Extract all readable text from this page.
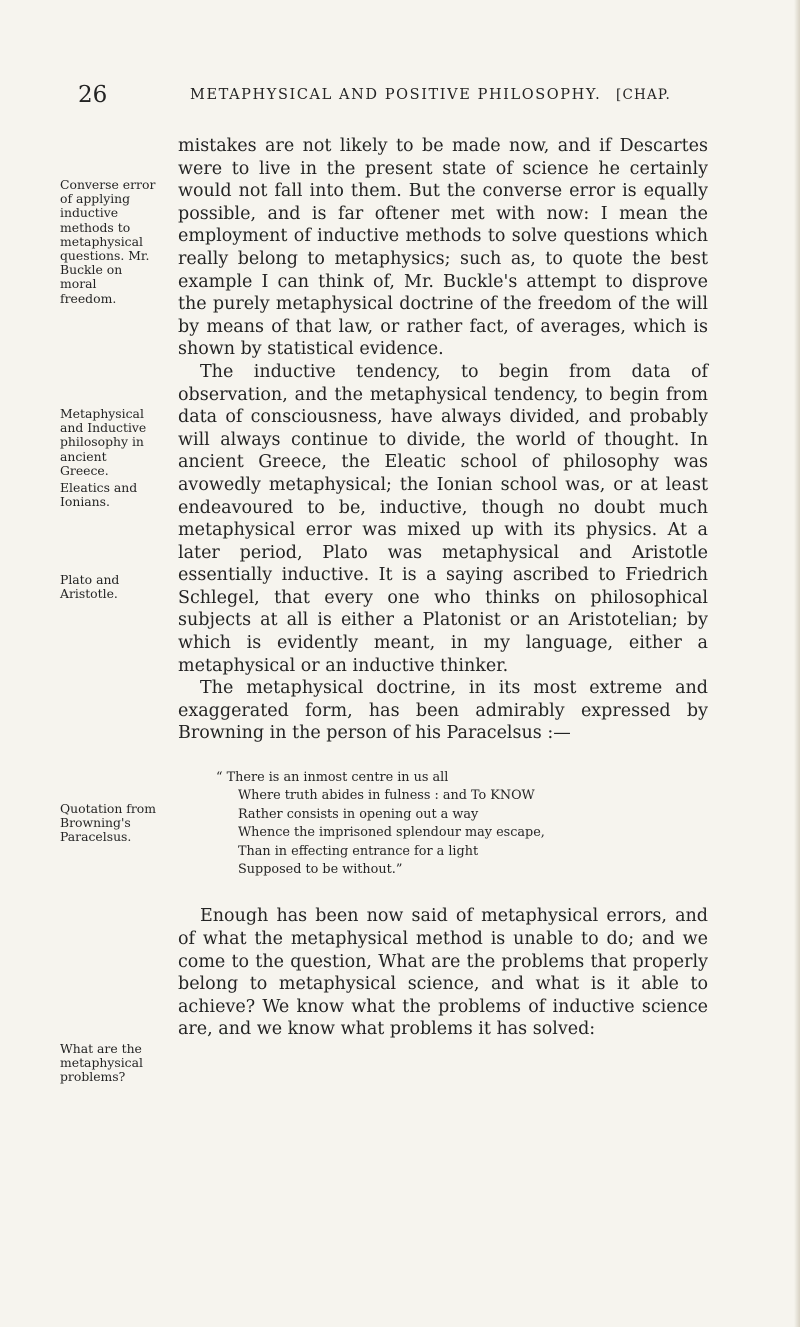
26	METAPHYSICAL AND POSITIVE PHILOSOPHY. [CHAP.

Converse error of applying inductive methods to metaphysical questions. Mr. Buckle on moral freedom.

Metaphysical and Inductive philosophy in ancient Greece.

Eleatics and Ionians.

Plato and Aristotle.

Quotation from Browning's Paracelsus.

What are the metaphysical problems?

mistakes are not likely to be made now, and if Descartes were to live in the present state of science he certainly would not fall into them. But the converse error is equally possible, and is far oftener met with now: I mean the employment of inductive methods to solve questions which really belong to metaphysics; such as, to quote the best example I can think of, Mr. Buckle's attempt to disprove the purely metaphysical doctrine of the freedom of the will by means of that law, or rather fact, of averages, which is shown by statistical evidence.

The inductive tendency, to begin from data of observation, and the metaphysical tendency, to begin from data of consciousness, have always divided, and probably will always continue to divide, the world of thought. In ancient Greece, the Eleatic school of philosophy was avowedly metaphysical; the Ionian school was, or at least endeavoured to be, inductive, though no doubt much metaphysical error was mixed up with its physics. At a later period, Plato was metaphysical and Aristotle essentially inductive. It is a saying ascribed to Friedrich Schlegel, that every one who thinks on philosophical subjects at all is either a Platonist or an Aristotelian; by which is evidently meant, in my language, either a metaphysical or an inductive thinker.

The metaphysical doctrine, in its most extreme and exaggerated form, has been admirably expressed by Browning in the person of his Paracelsus :—

“ There is an inmost centre in us all
Where truth abides in fulness : and To KNOW
Rather consists in opening out a way
Whence the imprisoned splendour may escape,
Than in effecting entrance for a light
Supposed to be without.”

Enough has been now said of metaphysical errors, and of what the metaphysical method is unable to do; and we come to the question, What are the problems that properly belong to metaphysical science, and what is it able to achieve? We know what the problems of inductive science are, and we know what problems it has solved:
